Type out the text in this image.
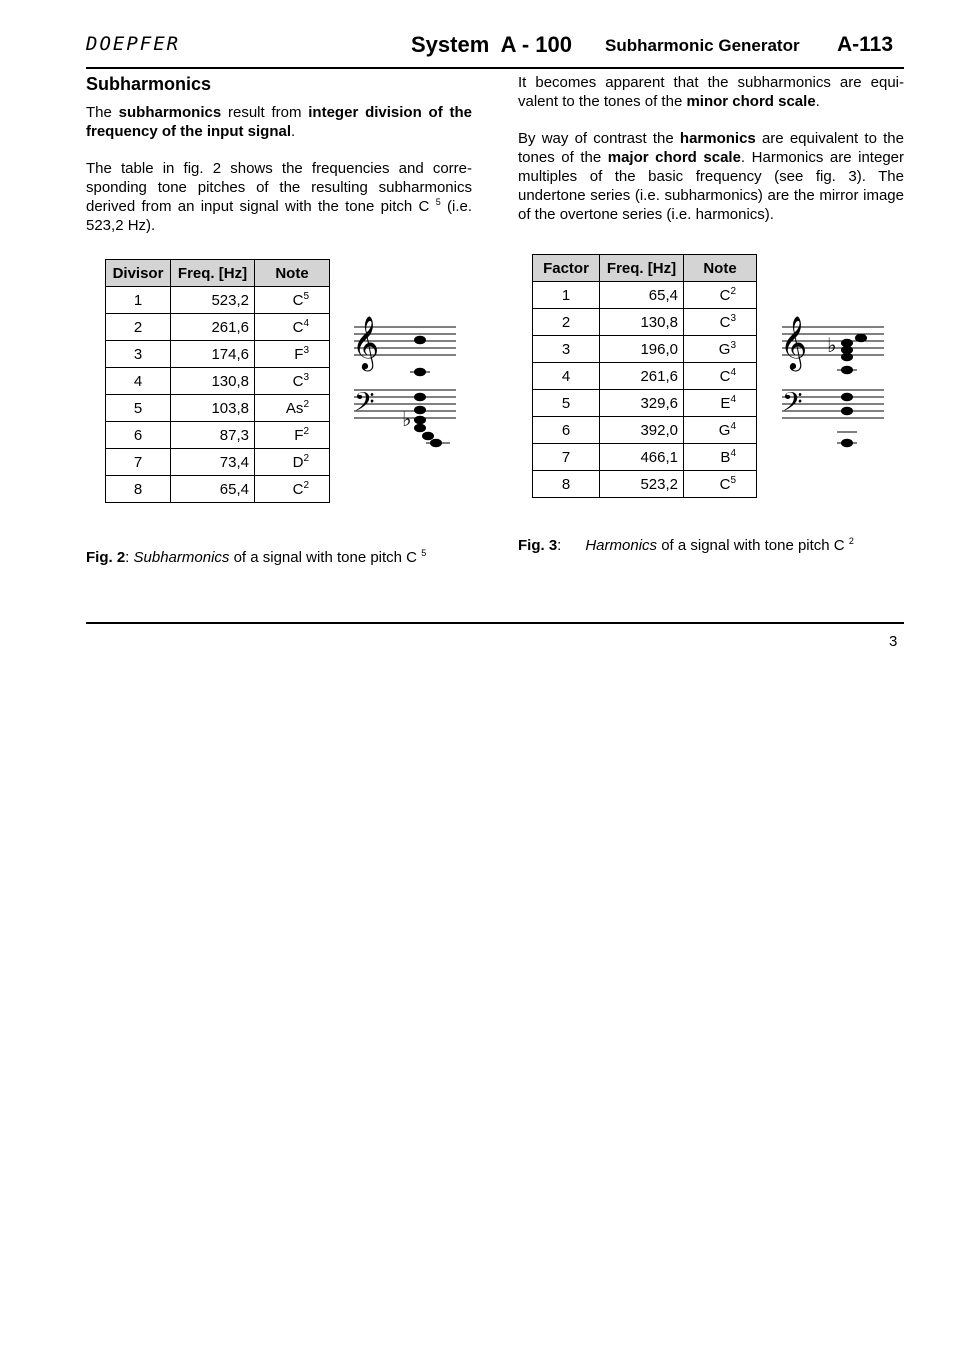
DOEPFER	System  A - 100 Subharmonic Generator A-113
Subharmonics

The subharmonics result from integer division of the frequency of the input signal.

The table in fig. 2 shows the frequencies and corre-sponding tone pitches of the resulting subharmonics derived from an input signal with the tone pitch C $^5$ (i.e. 523,2 Hz).

Divisor	Freq. [Hz]	Note
1	523,2	$C^5$
2	261,6	$C^4$
3	174,6	$F^3$
4	130,8	$C^3$
5	103,8	As$^2$
6	87,3	$F^2$
7	73,4	$D^2$
8	65,4	$C^2$
𝄞
𝄢 ♭
Fig. 2: Subharmonics of a signal with tone pitch C $^5$

It becomes apparent that the subharmonics are equi-valent to the tones of the minor chord scale.

By way of contrast the harmonics are equivalent to the tones of the major chord scale. Harmonics are integer multiples of the basic frequency (see fig. 3). The undertone series (i.e. subharmonics) are the mirror image of the overtone series (i.e. harmonics).

Factor	Freq. [Hz]	Note
1	65,4	$C^2$
2	130,8	$C^3$
3	196,0	$G^3$
4	261,6	$C^4$
5	329,6	$E^4$
6	392,0	$G^4$
7	466,1	$B^4$
8	523,2	$C^5$
𝄞
𝄢
♭
Fig. 3: Harmonics of a signal with tone pitch C $^2$
3
